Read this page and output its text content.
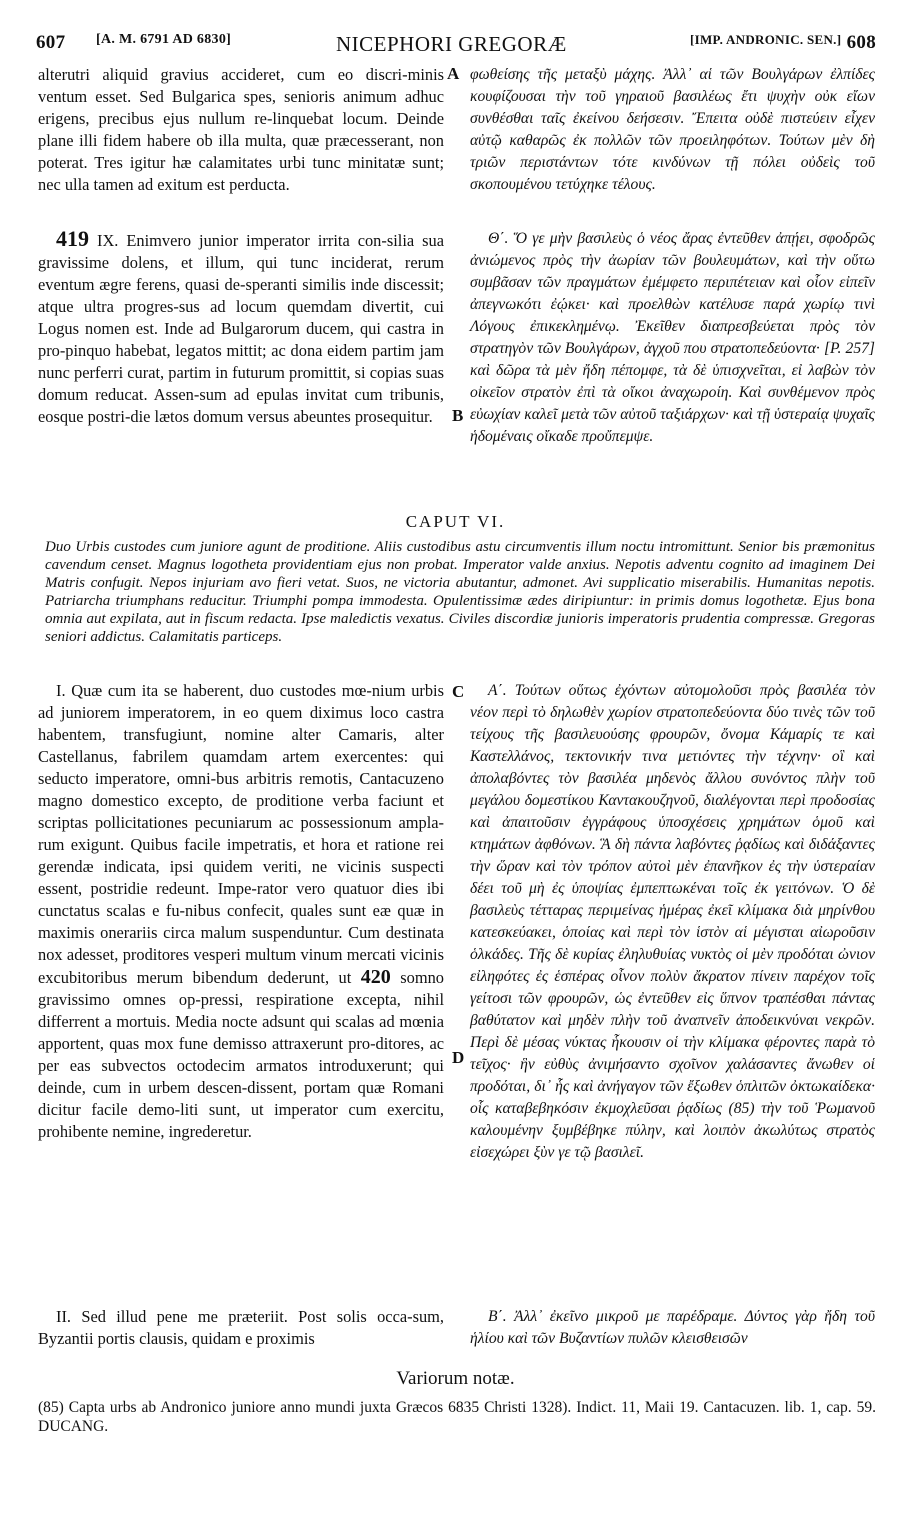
607 [A. M. 6791 AD 6830]	NICEPHORI GREGORÆ	[IMP. ANDRONIC. SEN.] 608
A
B
C
D

alterutri aliquid gravius accideret, cum eo discri-minis ventum esset. Sed Bulgarica spes, senioris animum adhuc erigens, precibus ejus nullum re-linquebat locum. Deinde plane illi fidem habere ob illa multa, quæ præcesserant, non poterat. Tres igitur hæ calamitates urbi tunc minitatæ sunt; nec ulla tamen ad exitum est perducta.

φωθείσης τῆς μεταξὺ μάχης. Ἀλλ᾽ αἱ τῶν Βουλγάρων ἐλπίδες κουφίζουσαι τὴν τοῦ γηραιοῦ βασιλέως ἔτι ψυχὴν οὐκ εἴων συνθέσθαι ταῖς ἐκείνου δεήσεσιν. Ἔπειτα οὐδὲ πιστεύειν εἶχεν αὐτῷ καθαρῶς ἐκ πολλῶν τῶν προειληφότων. Τούτων μὲν δὴ τριῶν περιστάντων τότε κινδύνων τῇ πόλει οὐδεὶς τοῦ σκοπουμένου τετύχηκε τέλους.

419 IX. Enimvero junior imperator irrita con-silia sua gravissime dolens, et illum, qui tunc inciderat, rerum eventum ægre ferens, quasi de-speranti similis inde discessit; atque ultra progres-sus ad locum quemdam divertit, cui Logus nomen est. Inde ad Bulgarorum ducem, qui castra in pro-pinquo habebat, legatos mittit; ac dona eidem partim jam nunc perferri curat, partim in futurum promittit, si copias suas domum reducat. Assen-sum ad epulas invitat cum tribunis, eosque postri-die lætos domum versus abeuntes prosequitur.

Θ΄. Ὅ γε μὴν βασιλεὺς ὁ νέος ἄρας ἐντεῦθεν ἀπῄει, σφοδρῶς ἀνιώμενος πρὸς τὴν ἀωρίαν τῶν βουλευμάτων, καὶ τὴν οὕτω συμβᾶσαν τῶν πραγμάτων ἐμέμφετο περιπέτειαν καὶ οἷον εἰπεῖν ἀπεγνωκότι ἐῴκει· καὶ προελθὼν κατέλυσε παρά χωρίῳ τινὶ Λόγους ἐπικεκλημένῳ. Ἐκεῖθεν διαπρεσβεύεται πρὸς τὸν στρατηγὸν τῶν Βουλγάρων, ἀγχοῦ που στρατοπεδεύοντα· [P. 257] καὶ δῶρα τὰ μὲν ἤδη πέπομφε, τὰ δὲ ὑπισχνεῖται, εἰ λαβὼν τὸν οἰκεῖον στρατὸν ἐπὶ τὰ οἴκοι ἀναχωροίη. Καὶ συνθέμενον πρὸς εὐωχίαν καλεῖ μετὰ τῶν αὐτοῦ ταξιάρχων· καὶ τῇ ὑστεραίᾳ ψυχαῖς ἡδομέναις οἴκαδε προὔπεμψε.

CAPUT VI.
Duo Urbis custodes cum juniore agunt de proditione. Aliis custodibus astu circumventis illum noctu intromittunt. Senior bis præmonitus cavendum censet. Magnus logotheta providentiam ejus non probat. Imperator valde anxius. Nepotis adventu cognito ad imaginem Dei Matris confugit. Nepos injuriam avo fieri vetat. Suos, ne victoria abutantur, admonet. Avi supplicatio miserabilis. Humanitas nepotis. Patriarcha triumphans reducitur. Triumphi pompa immodesta. Opulentissimæ ædes diripiuntur: in primis domus logothetæ. Ejus bona omnia aut expilata, aut in fiscum redacta. Ipse maledictis vexatus. Civiles discordiæ junioris imperatoris prudentia compressæ. Gregoras seniori addictus. Calamitatis particeps.

I. Quæ cum ita se haberent, duo custodes mœ-nium urbis ad juniorem imperatorem, in eo quem diximus loco castra habentem, transfugiunt, nomine alter Camaris, alter Castellanus, fabrilem quamdam artem exercentes: qui seducto imperatore, omni-bus arbitris remotis, Cantacuzeno magno domestico excepto, de proditione verba faciunt et scriptas pollicitationes pecuniarum ac possessionum ampla-rum exigunt. Quibus facile impetratis, et hora et ratione rei gerendæ indicata, ipsi quidem veriti, ne vicinis suspecti essent, postridie redeunt. Impe-rator vero quatuor dies ibi cunctatus scalas e fu-nibus confecit, quales sunt eæ quæ in maximis onerariis circa malum suspenduntur. Cum destinata nox adesset, proditores vesperi multum vinum mercati vicinis excubitoribus merum bibendum dederunt, ut 420 somno gravissimo omnes op-pressi, respiratione excepta, nihil differrent a mortuis. Media nocte adsunt qui scalas ad mœnia apportent, quas mox fune demisso attraxerunt pro-ditores, ac per eas subvectos octodecim armatos introduxerunt; qui deinde, cum in urbem descen-dissent, portam quæ Romani dicitur facile demo-liti sunt, ut imperator cum exercitu, prohibente nemine, ingrederetur.

Α΄. Τούτων οὕτως ἐχόντων αὐτομολοῦσι πρὸς βασιλέα τὸν νέον περὶ τὸ δηλωθὲν χωρίον στρατοπεδεύοντα δύο τινὲς τῶν τοῦ τείχους τῆς βασιλευούσης φρουρῶν, ὄνομα Κάμαρίς τε καὶ Καστελλάνος, τεκτονικήν τινα μετιόντες τὴν τέχνην· οἳ καὶ ἀπολαβόντες τὸν βασιλέα μηδενὸς ἄλλου συνόντος πλὴν τοῦ μεγάλου δομεστίκου Καντακουζηνοῦ, διαλέγονται περὶ προδοσίας καὶ ἀπαιτοῦσιν ἐγγράφους ὑποσχέσεις χρημάτων ὁμοῦ καὶ κτημάτων ἀφθόνων. Ἃ δὴ πάντα λαβόντες ῥᾳδίως καὶ διδάξαντες τὴν ὥραν καὶ τὸν τρόπον αὐτοὶ μὲν ἐπανῆκον ἐς τὴν ὑστεραίαν δέει τοῦ μὴ ἐς ὑποψίας ἐμπεπτωκέναι τοῖς ἐκ γειτόνων. Ὁ δὲ βασιλεὺς τέτταρας περιμείνας ἡμέρας ἐκεῖ κλίμακα διὰ μηρίνθου κατεσκεύακει, ὁποίας καὶ περὶ τὸν ἱστὸν αἱ μέγισται αἰωροῦσιν ὁλκάδες. Τῆς δὲ κυρίας ἐληλυθυίας νυκτὸς οἱ μὲν προδόται ὠνιον εἰληφότες ἐς ἑσπέρας οἶνον πολὺν ἄκρατον πίνειν παρέχον τοῖς γείτοσι τῶν φρουρῶν, ὡς ἐντεῦθεν εἰς ὕπνον τραπέσθαι πάντας βαθύτατον καὶ μηδὲν πλὴν τοῦ ἀναπνεῖν ἀποδεικνύναι νεκρῶν. Περὶ δὲ μέσας νύκτας ἧκουσιν οἱ τὴν κλίμακα φέροντες παρὰ τὸ τεῖχος· ἣν εὐθὺς ἀνιμήσαντο σχοῖνον χαλάσαντες ἄνωθεν οἱ προδόται, δι᾽ ἧς καὶ ἀνήγαγον τῶν ἔξωθεν ὁπλιτῶν ὀκτωκαίδεκα· οἷς καταβεβηκόσιν ἐκμοχλεῦσαι ῥᾳδίως (85) τὴν τοῦ Ῥωμανοῦ καλουμένην ξυμβέβηκε πύλην, καὶ λοιπὸν ἀκωλύτως στρατὸς εἰσεχώρει ξὺν γε τῷ βασιλεῖ.

II. Sed illud pene me præteriit. Post solis occa-sum, Byzantii portis clausis, quidam e proximis

Β΄. Ἀλλ᾽ ἐκεῖνο μικροῦ με παρέδραμε. Δύντος γὰρ ἤδη τοῦ ἡλίου καὶ τῶν Βυζαντίων πυλῶν κλεισθεισῶν

Variorum notæ.
(85) Capta urbs ab Andronico juniore anno mundi juxta Græcos 6835 Christi 1328). Indict. 11, Maii 19. Cantacuzen. lib. 1, cap. 59. DUCANG.
